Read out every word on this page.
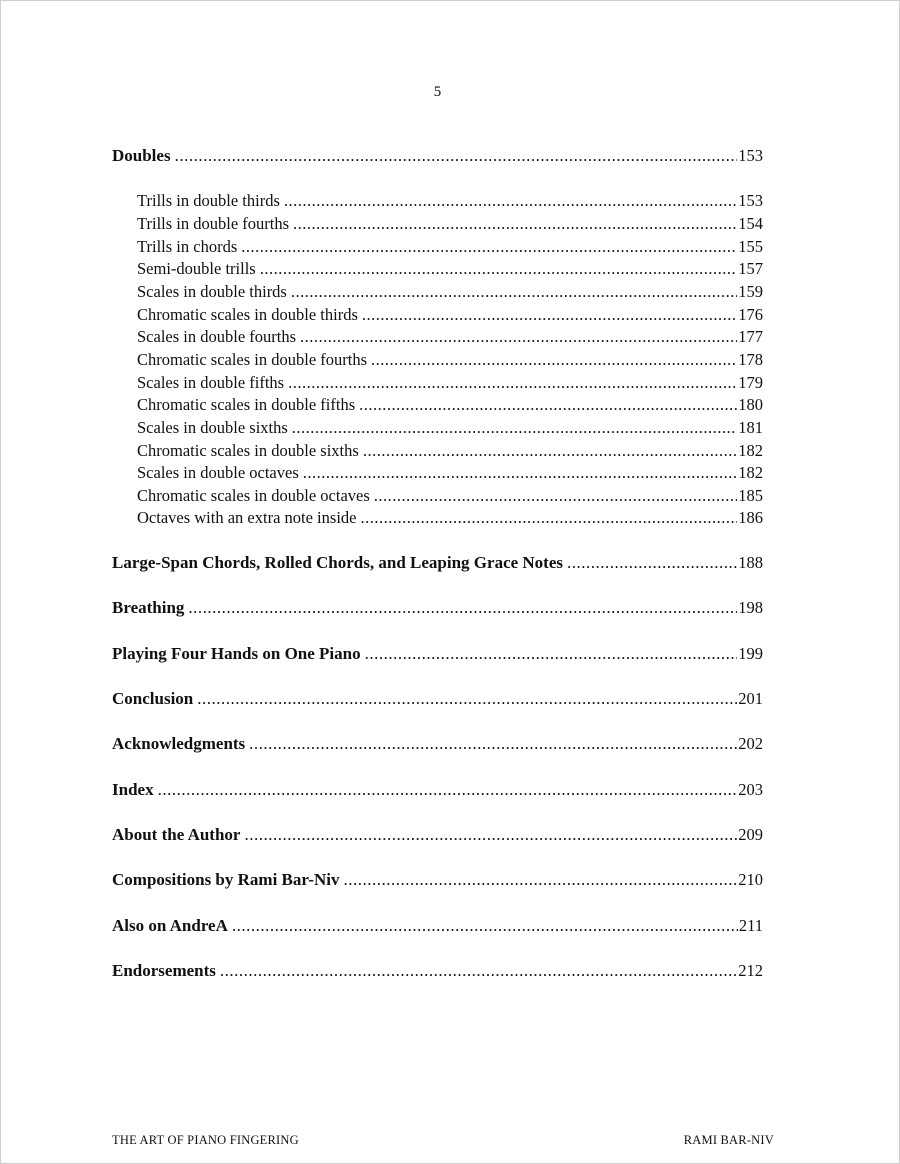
5
Doubles .....	153
Trills in double thirds .....	153
Trills in double fourths .....	154
Trills in chords .....	155
Semi-double trills .....	157
Scales in double thirds .....	159
Chromatic scales in double thirds .....	176
Scales in double fourths .....	177
Chromatic scales in double fourths .....	178
Scales in double fifths .....	179
Chromatic scales in double fifths .....	180
Scales in double sixths .....	181
Chromatic scales in double sixths .....	182
Scales in double octaves .....	182
Chromatic scales in double octaves .....	185
Octaves with an extra note inside .....	186
Large-Span Chords, Rolled Chords, and Leaping Grace Notes .....	188
Breathing .....	198
Playing Four Hands on One Piano .....	199
Conclusion .....	201
Acknowledgments .....	202
Index .....	203
About the Author .....	209
Compositions by Rami Bar-Niv .....	210
Also on AndreA .....	211
Endorsements .....	212
THE ART OF PIANO FINGERING	RAMI BAR-NIV
